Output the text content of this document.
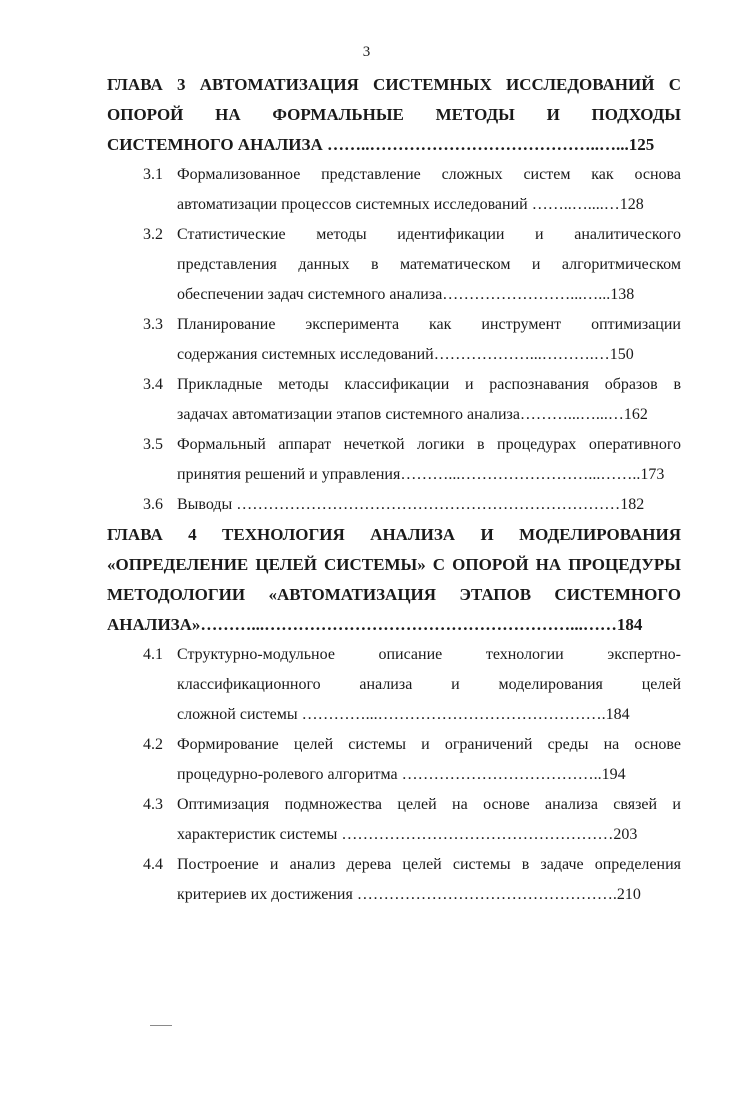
3
ГЛАВА 3 АВТОМАТИЗАЦИЯ СИСТЕМНЫХ ИССЛЕДОВАНИЙ С
ОПОРОЙ НА ФОРМАЛЬНЫЕ МЕТОДЫ И ПОДХОДЫ
СИСТЕМНОГО АНАЛИЗА ……..…………………………………..…...125
3.1 Формализованное представление сложных систем как основа
автоматизации процессов системных исследований ……..…....…128
3.2 Статистические методы идентификации и аналитического
представления данных в математическом и алгоритмическом
обеспечении задач системного анализа……………………...…...138
3.3 Планирование эксперимента как инструмент оптимизации
содержания системных исследований………………...……….…150
3.4 Прикладные методы классификации и распознавания образов в
задачах автоматизации этапов системного анализа………...…...…162
3.5 Формальный аппарат нечеткой логики в процедурах оперативного
принятия решений и управления………...……………………...……..173
3.6 Выводы ………………………………………………………………182
ГЛАВА 4 ТЕХНОЛОГИЯ АНАЛИЗА И МОДЕЛИРОВАНИЯ
«ОПРЕДЕЛЕНИЕ ЦЕЛЕЙ СИСТЕМЫ» С ОПОРОЙ НА ПРОЦЕДУРЫ
МЕТОДОЛОГИИ «АВТОМАТИЗАЦИЯ ЭТАПОВ СИСТЕМНОГО
АНАЛИЗА»………...………………………………………………...……184
4.1 Структурно-модульное описание технологии экспертно-
классификационного анализа и моделирования целей
сложной системы …………...…………………………………….184
4.2 Формирование целей системы и ограничений среды на основе
процедурно-ролевого алгоритма ………………………………..194
4.3 Оптимизация подмножества целей на основе анализа связей и
характеристик системы ……………………………………………203
4.4 Построение и анализ дерева целей системы в задаче определения
критериев их достижения ………………………………………….210
